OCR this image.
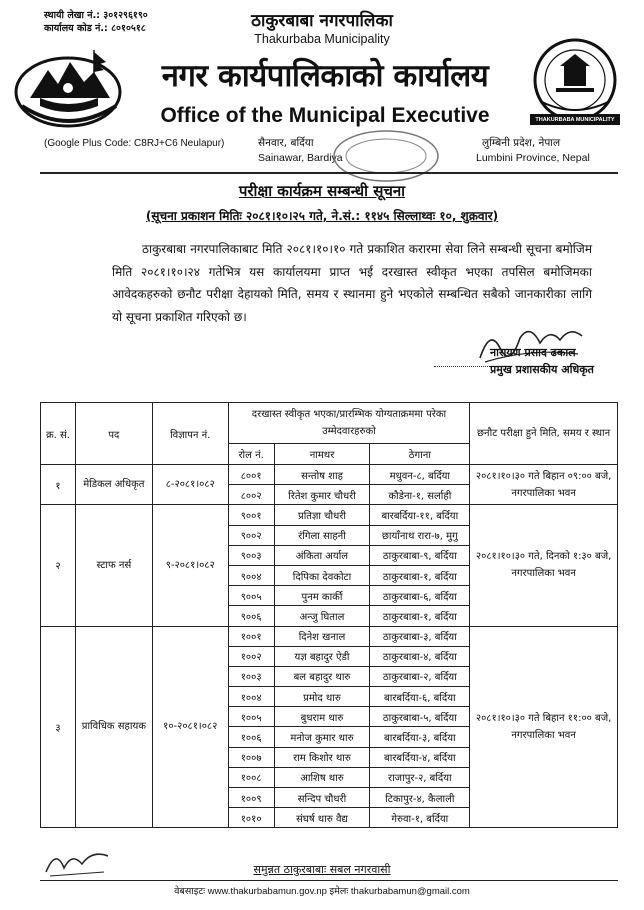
स्थायी लेखा नं.: ३०१२९६१९०
कार्यालय कोड नं.: ८०१०५१८	ठाकुरबाबा नगरपालिका
Thakurbaba Municipality
नगर कार्यपालिकाको कार्यालय
Office of the Municipal Executive	THAKURBABA MUNICIPALITY
(Google Plus Code: C8RJ+C6 Neulapur)	सैनवार, बर्दिया
Sainawar, Bardiya
लुम्बिनी प्रदेश, नेपाल
Lumbini Province, Nepal
परीक्षा कार्यक्रम सम्बन्धी सूचना
(सूचना प्रकाशन मितिः २०८१।१०।२५ गते, ने.सं.: ११४५ सिल्लाथ्वः १०, शुक्रवार)
ठाकुरबाबा नगरपालिकाबाट मिति २०८१।१०।१० गते प्रकाशित करारमा सेवा लिने सम्बन्धी सूचना बमोजिम मिति २०८१।१०।२४ गतेभित्र यस कार्यालयमा प्राप्त भई दरखास्त स्वीकृत भएका तपसिल बमोजिमका आवेदकहरुको छनौट परीक्षा देहायको मिति, समय र स्थानमा हुने भएकोले सम्बन्धित सबैको जानकारीका लागि यो सूचना प्रकाशित गरिएको छ।
नारायण प्रसाद ढकाल
प्रमुख प्रशासकीय अधिकृत
क्र. सं.	पद	विज्ञापन नं.	दरखास्त स्वीकृत भएका/प्रारम्भिक योग्यताक्रममा परेका उम्मेदवारहरुको			छनौट परीक्षा हुने मिति, समय र स्थान
			रोल नं.	नामथर	ठेगाना	
१	मेडिकल अधिकृत	८-२०८१।०८२	८००१	सन्तोष शाह	मधुवन-८, बर्दिया	२०८१।१०।३० गते बिहान ०९:०० बजे, नगरपालिका भवन
			८००२	रितेश कुमार चौधरी	कौडेना-१, सर्लाही	
२	स्टाफ नर्स	९-२०८१।०८२	९००१	प्रतिज्ञा चौधरी	बारबर्दिया-११, बर्दिया	२०८१।१०।३० गते, दिनको १:३० बजे, नगरपालिका भवन
			९००२	रंगिला साहनी	छायाँनाथ रारा-७, मुगु	
			९००३	अंकिता अर्याल	ठाकुरबाबा-९, बर्दिया	
			९००४	दिपिका देवकोटा	ठाकुरबाबा-१, बर्दिया	
			९००५	पुनम कार्की	ठाकुरबाबा-६, बर्दिया	
			९००६	अन्जु घिताल	ठाकुरबाबा-१, बर्दिया	
३	प्राविधिक सहायक	१०-२०८१।०८२	१००१	दिनेश खनाल	ठाकुरबाबा-३, बर्दिया	२०८१।१०।३० गते बिहान ११:०० बजे, नगरपालिका भवन
			१००२	यज्ञ बहादुर ऐडी	ठाकुरबाबा-४, बर्दिया	
			१००३	बल बहादुर थारु	ठाकुरबाबा-२, बर्दिया	
			१००४	प्रमोद थारु	बारबर्दिया-६, बर्दिया	
			१००५	बुधराम थारु	ठाकुरबाबा-५, बर्दिया	
			१००६	मनोज कुमार थारु	बारबर्दिया-३, बर्दिया	
			१००७	राम किशोर थारु	बारबर्दिया-४, बर्दिया	
			१००८	आशिष थारु	राजापुर-२, बर्दिया	
			१००९	सन्दिप चौधरी	टिकापुर-४, कैलाली	
			१०१०	संघर्ष थारु वैद्य	गेरुवा-१, बर्दिया	
समुन्नत ठाकुरबाबाः सबल नगरवासी
वेबसाइटः www.thakurbabamun.gov.np इमेलः thakurbabamun@gmail.com
